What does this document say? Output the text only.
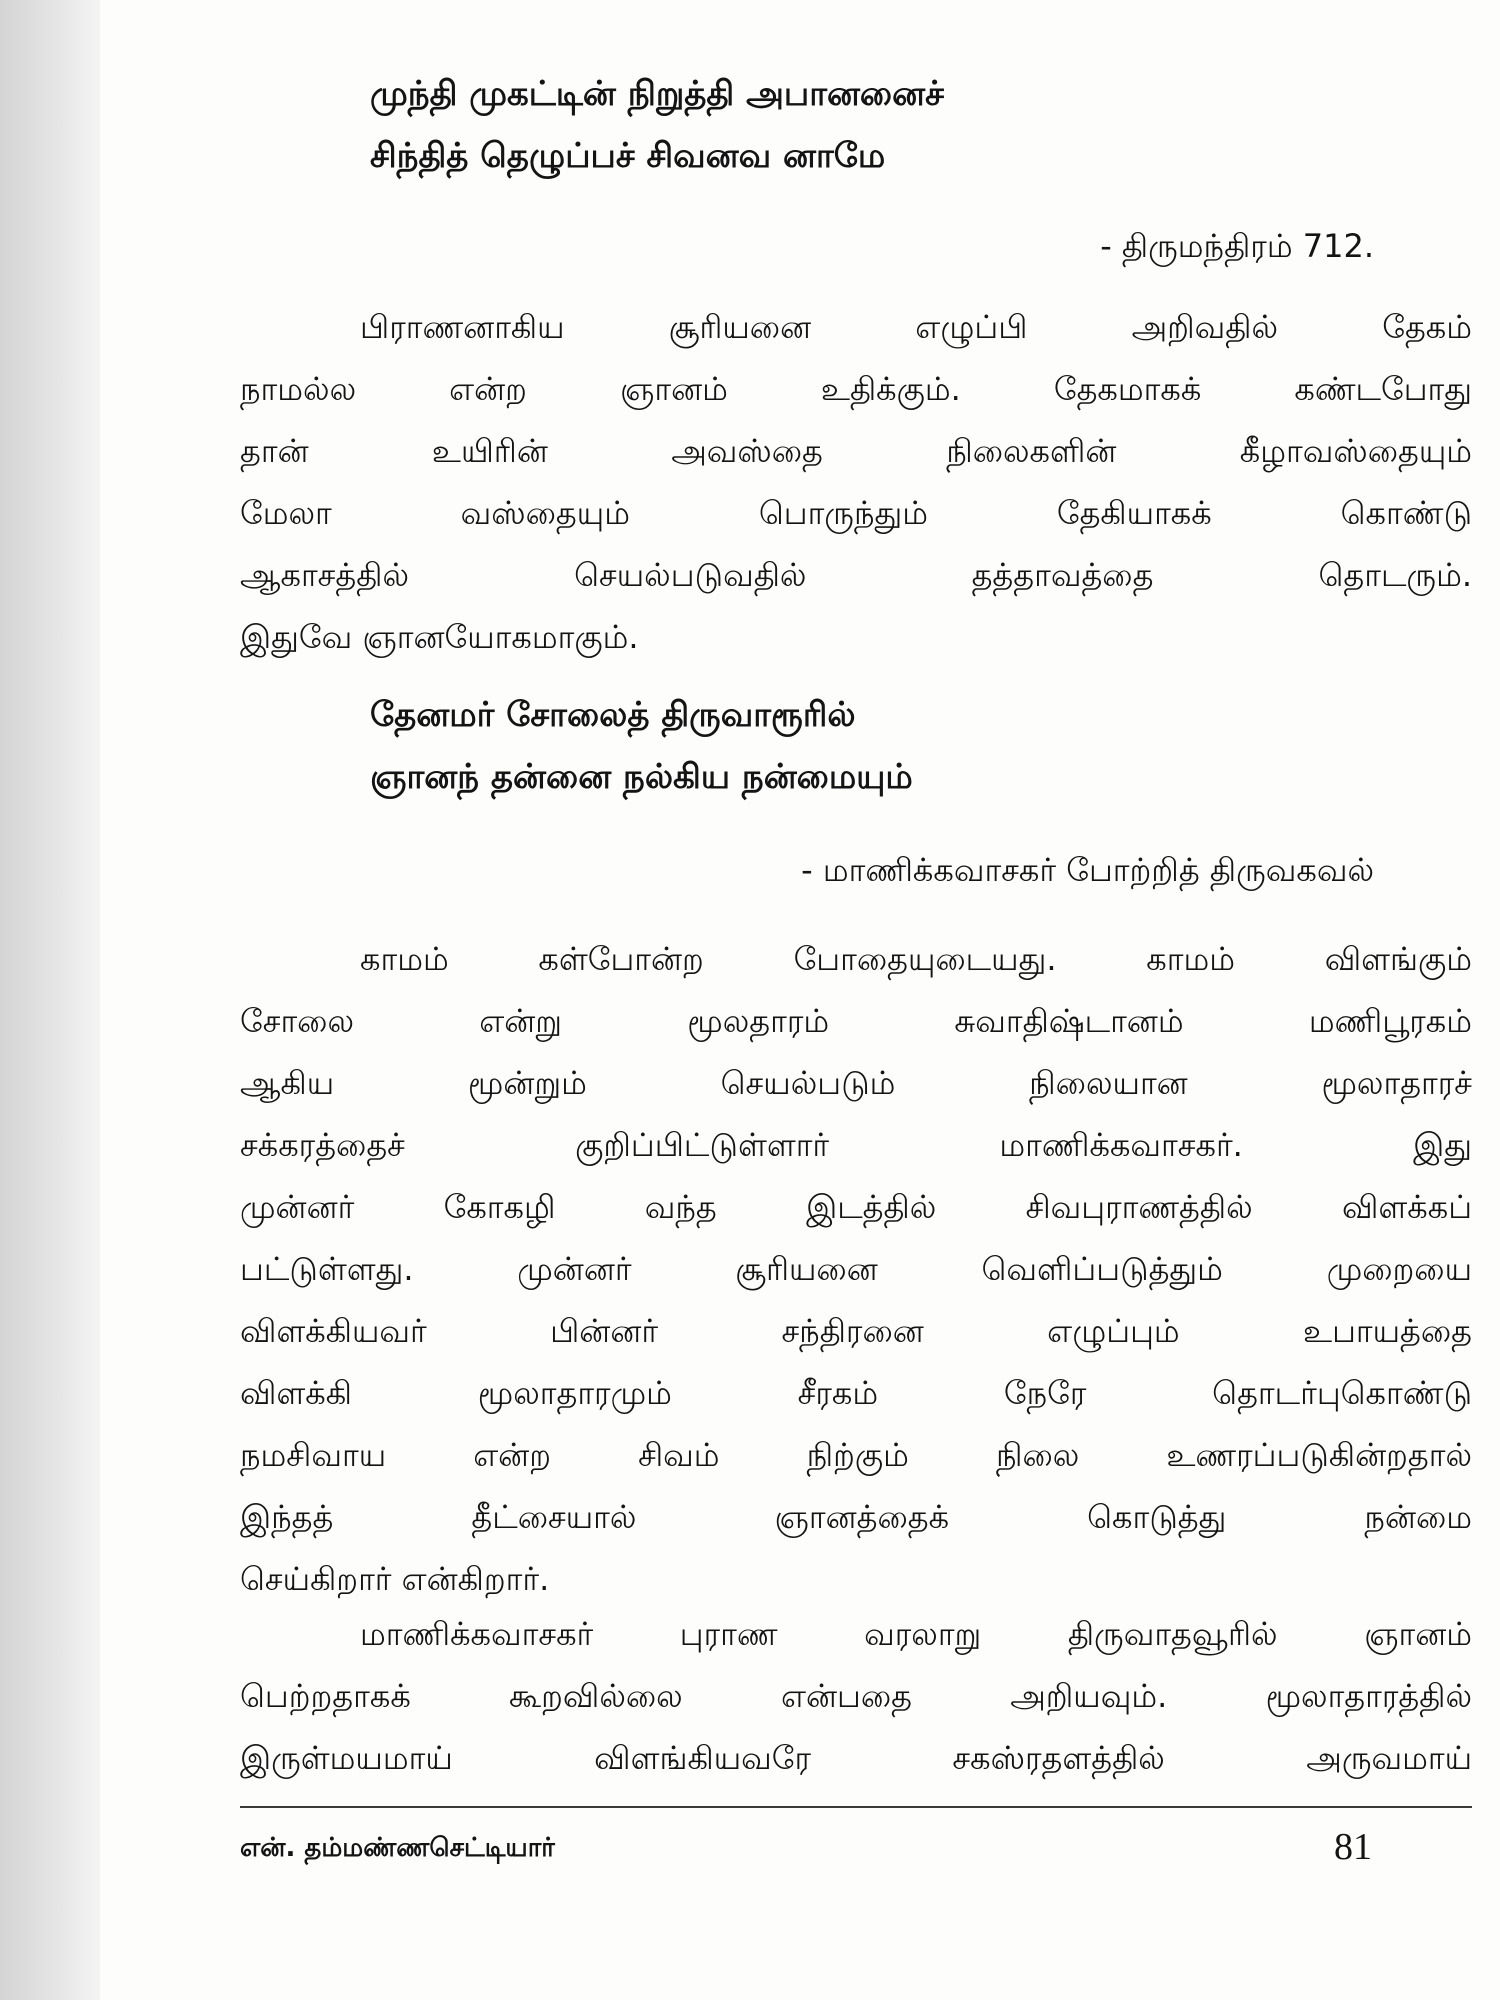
முந்தி முகட்டின் நிறுத்தி அபானனைச்
சிந்தித் தெழுப்பச் சிவனவ னாமே
- திருமந்திரம் 712.
பிராணனாகிய சூரியனை எழுப்பி அறிவதில் தேகம்
நாமல்ல என்ற ஞானம் உதிக்கும். தேகமாகக் கண்டபோது
தான் உயிரின் அவஸ்தை நிலைகளின் கீழாவஸ்தையும்
மேலா வஸ்தையும் பொருந்தும் தேகியாகக் கொண்டு
ஆகாசத்தில் செயல்படுவதில் தத்தாவத்தை தொடரும்.
இதுவே ஞானயோகமாகும்.
தேனமர் சோலைத் திருவாரூரில்
ஞானந் தன்னை நல்கிய நன்மையும்
- மாணிக்கவாசகர் போற்றித் திருவகவல்
காமம் கள்போன்ற போதையுடையது. காமம் விளங்கும்
சோலை என்று மூலதாரம் சுவாதிஷ்டானம் மணிபூரகம்
ஆகிய மூன்றும் செயல்படும் நிலையான மூலாதாரச்
சக்கரத்தைச் குறிப்பிட்டுள்ளார் மாணிக்கவாசகர். இது
முன்னர் கோகழி வந்த இடத்தில் சிவபுராணத்தில் விளக்கப்
பட்டுள்ளது. முன்னர் சூரியனை வெளிப்படுத்தும் முறையை
விளக்கியவர் பின்னர் சந்திரனை எழுப்பும் உபாயத்தை
விளக்கி மூலாதாரமும் சீரகம் நேரே தொடர்புகொண்டு
நமசிவாய என்ற சிவம் நிற்கும் நிலை உணரப்படுகின்றதால்
இந்தத் தீட்சையால் ஞானத்தைக் கொடுத்து நன்மை
செய்கிறார் என்கிறார்.
மாணிக்கவாசகர் புராண வரலாறு திருவாதவூரில் ஞானம்
பெற்றதாகக் கூறவில்லை என்பதை அறியவும். மூலாதாரத்தில்
இருள்மயமாய் விளங்கியவரே சகஸ்ரதளத்தில் அருவமாய்
என். தம்மண்ணசெட்டியார்	81
